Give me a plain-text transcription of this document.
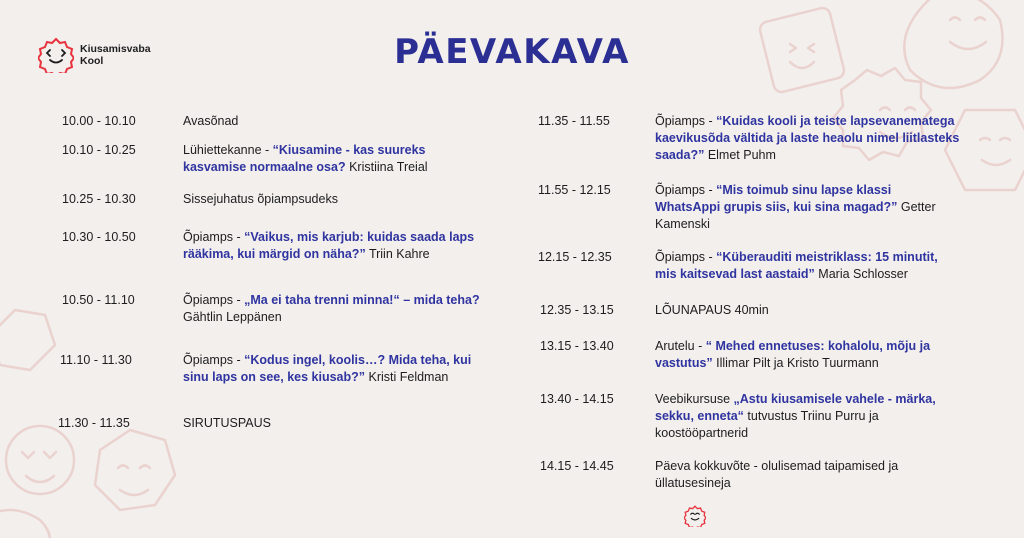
Kiusamisvaba
Kool	PÄEVAKAVA
10.00 - 10.10	Avasõnad
10.10 - 10.25	Lühiettekanne - “Kiusamine - kas suureks kasvamise normaalne osa? Kristiina Treial
10.25 - 10.30	Sissejuhatus õpiampsudeks
10.30 - 10.50	Õpiamps - “Vaikus, mis karjub: kuidas saada laps rääkima, kui märgid on näha?” Triin Kahre
10.50 - 11.10	Õpiamps - „Ma ei taha trenni minna!“ – mida teha? Gähtlin Leppänen
11.10 - 11.30	Õpiamps - “Kodus ingel, koolis…? Mida teha, kui sinu laps on see, kes kiusab?” Kristi Feldman
11.30 - 11.35	SIRUTUSPAUS
11.35 - 11.55	Õpiamps - “Kuidas kooli ja teiste lapsevanematega kaevikusõda vältida ja laste heaolu nimel liitlasteks saada?” Elmet Puhm
11.55 - 12.15	Õpiamps - “Mis toimub sinu lapse klassi WhatsAppi grupis siis, kui sina magad?” Getter Kamenski
12.15 - 12.35	Õpiamps - “Küberauditi meistriklass: 15 minutit, mis kaitsevad last aastaid” Maria Schlosser
12.35 - 13.15	LÕUNAPAUS 40min
13.15 - 13.40	Arutelu - “ Mehed ennetuses: kohalolu, mõju ja vastutus” Illimar Pilt ja Kristo Tuurmann
13.40 - 14.15	Veebikursuse „Astu kiusamisele vahele - märka, sekku, enneta“ tutvustus Triinu Purru ja koostööpartnerid
14.15 - 14.45	Päeva kokkuvõte - olulisemad taipamised ja üllatusesineja
